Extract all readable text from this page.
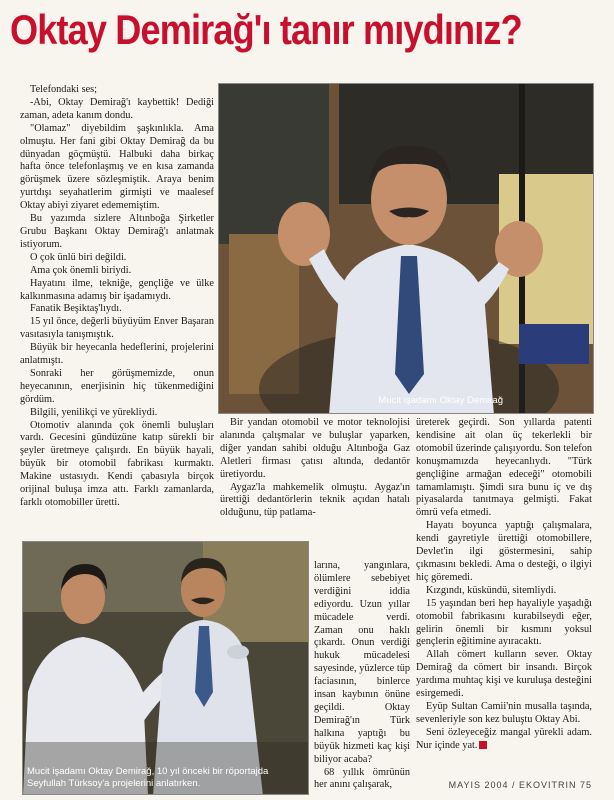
Oktay Demirağ'ı tanır mıydınız?

Telefondaki ses;

-Abi, Oktay Demirağ'ı kaybettik! Dediği zaman, adeta kanım dondu.

"Olamaz" diyebildim şaşkınlıkla. Ama olmuştu. Her fani gibi Oktay Demirağ da bu dünyadan göçmüştü. Halbuki daha birkaç hafta önce telefonlaşmış ve en kısa zamanda görüşmek üzere sözleşmiştik. Araya benim yurtdışı seyahatlerim girmişti ve maalesef Oktay abiyi ziyaret edememiştim.

Bu yazımda sizlere Altınboğa Şirketler Grubu Başkanı Oktay Demirağ'ı anlatmak istiyorum.

O çok ünlü biri değildi.

Ama çok önemli biriydi.

Hayatını ilme, tekniğe, gençliğe ve ülke kalkınmasına adamış bir işadamıydı.

Fanatik Beşiktaş'lıydı.

15 yıl önce, değerli büyüyüm Enver Başaran vasıtasıyla tanışmıştık.

Büyük bir heyecanla hedeflerini, projelerini anlatmıştı.

Sonraki her görüşmemizde, onun heyecanının, enerjisinin hiç tükenmediğini gördüm.

Bilgili, yenilikçi ve yürekliydi.

Otomotiv alanında çok önemli buluşları vardı. Gecesini gündüzüne katıp sürekli bir şeyler üretmeye çalışırdı. En büyük hayali, büyük bir otomobil fabrikası kurmaktı. Makine ustasıydı. Kendi çabasıyla birçok orijinal buluşa imza attı. Farklı zamanlarda, farklı otomobiller üretti.

Mucit işadamı Oktay Demirağ

Bir yandan otomobil ve motor teknolojisi alanında çalışmalar ve buluşlar yaparken, diğer yandan sahibi olduğu Altınboğa Gaz Aletleri firması çatısı altında, dedantör üretiyordu.

Aygaz'la mahkemelik olmuştu. Aygaz'ın ürettiği dedantörlerin teknik açıdan hatalı olduğunu, tüp patlama-

larına, yangınlara, ölümlere sebebiyet verdiğini iddia ediyordu. Uzun yıllar mücadele verdi. Zaman onu haklı çıkardı. Onun verdiği hukuk mücadelesi sayesinde, yüzlerce tüp faciasının, binlerce insan kaybının önüne geçildi. Oktay Demirağ'ın Türk halkına yaptığı bu büyük hizmeti kaç kişi biliyor acaba?

68 yıllık ömrünün her anını çalışarak,

üreterek geçirdi. Son yıllarda patenti kendisine ait olan üç tekerlekli bir otomobil üzerinde çalışıyordu. Son telefon konuşmamızda heyecanlıydı. "Türk gençliğine armağan edeceği" otomobili tamamlamıştı. Şimdi sıra bunu iç ve dış piyasalarda tanıtmaya gelmişti. Fakat ömrü vefa etmedi.

Hayatı boyunca yaptığı çalışmalara, kendi gayretiyle ürettiği otomobillere, Devlet'in ilgi göstermesini, sahip çıkmasını bekledi. Ama o desteği, o ilgiyi hiç göremedi.

Kızgındı, küskündü, sitemliydi.

15 yaşından beri hep hayaliyle yaşadığı otomobil fabrikasını kurabilseydi eğer, gelirin önemli bir kısmını yoksul gençlerin eğitimine ayıracaktı.

Allah cömert kulların sever. Oktay Demirağ da cömert bir insandı. Birçok yardıma muhtaç kişi ve kuruluşa desteğini esirgemedi.

Eyüp Sultan Camii'nin musalla taşında, sevenleriyle son kez buluştu Oktay Abi.

Seni özleyeceğiz mangal yürekli adam. Nur içinde yat.

Mucit işadamı Oktay Demirağ, 10 yıl önceki bir röportajda Seyfullah Türksoy'a projelerini anlatırken.	MAYIS 2004 / EKOVITRIN 75
